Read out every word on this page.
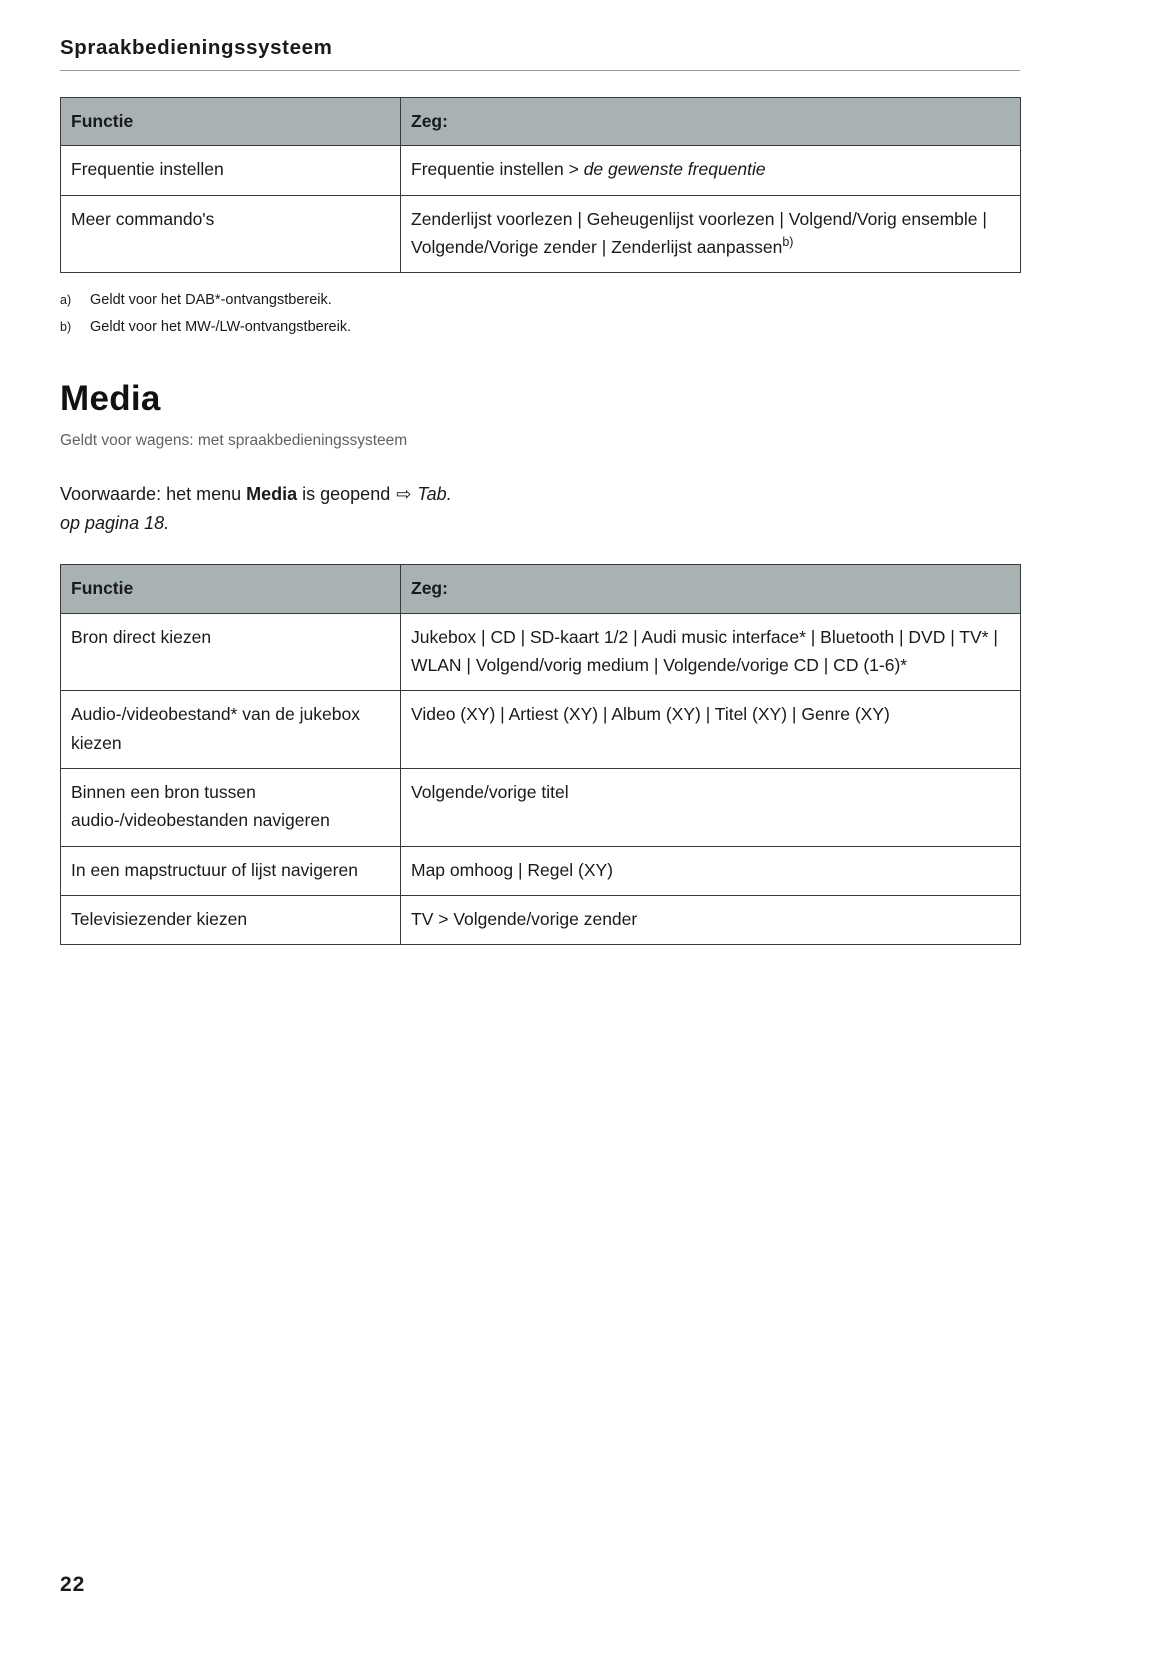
Spraakbedieningssysteem
Functie	Zeg:
Frequentie instellen	Frequentie instellen > de gewenste frequentie
Meer commando's	Zenderlijst voorlezen | Geheugenlijst voorlezen | Volgend/Vorig ensemble | Volgende/Vorige zender | Zenderlijst aanpassen$^{b)}$
a)	Geldt voor het DAB*-ontvangstbereik.
b)	Geldt voor het MW-/LW-ontvangstbereik.
Media
Geldt voor wagens: met spraakbedieningssysteem

Voorwaarde: het menu Media is geopend ⇨ Tab.

op pagina 18.
Functie	Zeg:
Bron direct kiezen	Jukebox | CD | SD-kaart 1/2 | Audi music interface* | Bluetooth | DVD | TV* | WLAN | Volgend/vorig medium | Volgende/vorige CD | CD (1-6)*
Audio-/videobestand* van de jukebox kiezen	Video (XY) | Artiest (XY) | Album (XY) | Titel (XY) | Genre (XY)
Binnen een bron tussen audio-/videobestanden navigeren	Volgende/vorige titel
In een mapstructuur of lijst navigeren	Map omhoog | Regel (XY)
Televisiezender kiezen	TV > Volgende/vorige zender
22
